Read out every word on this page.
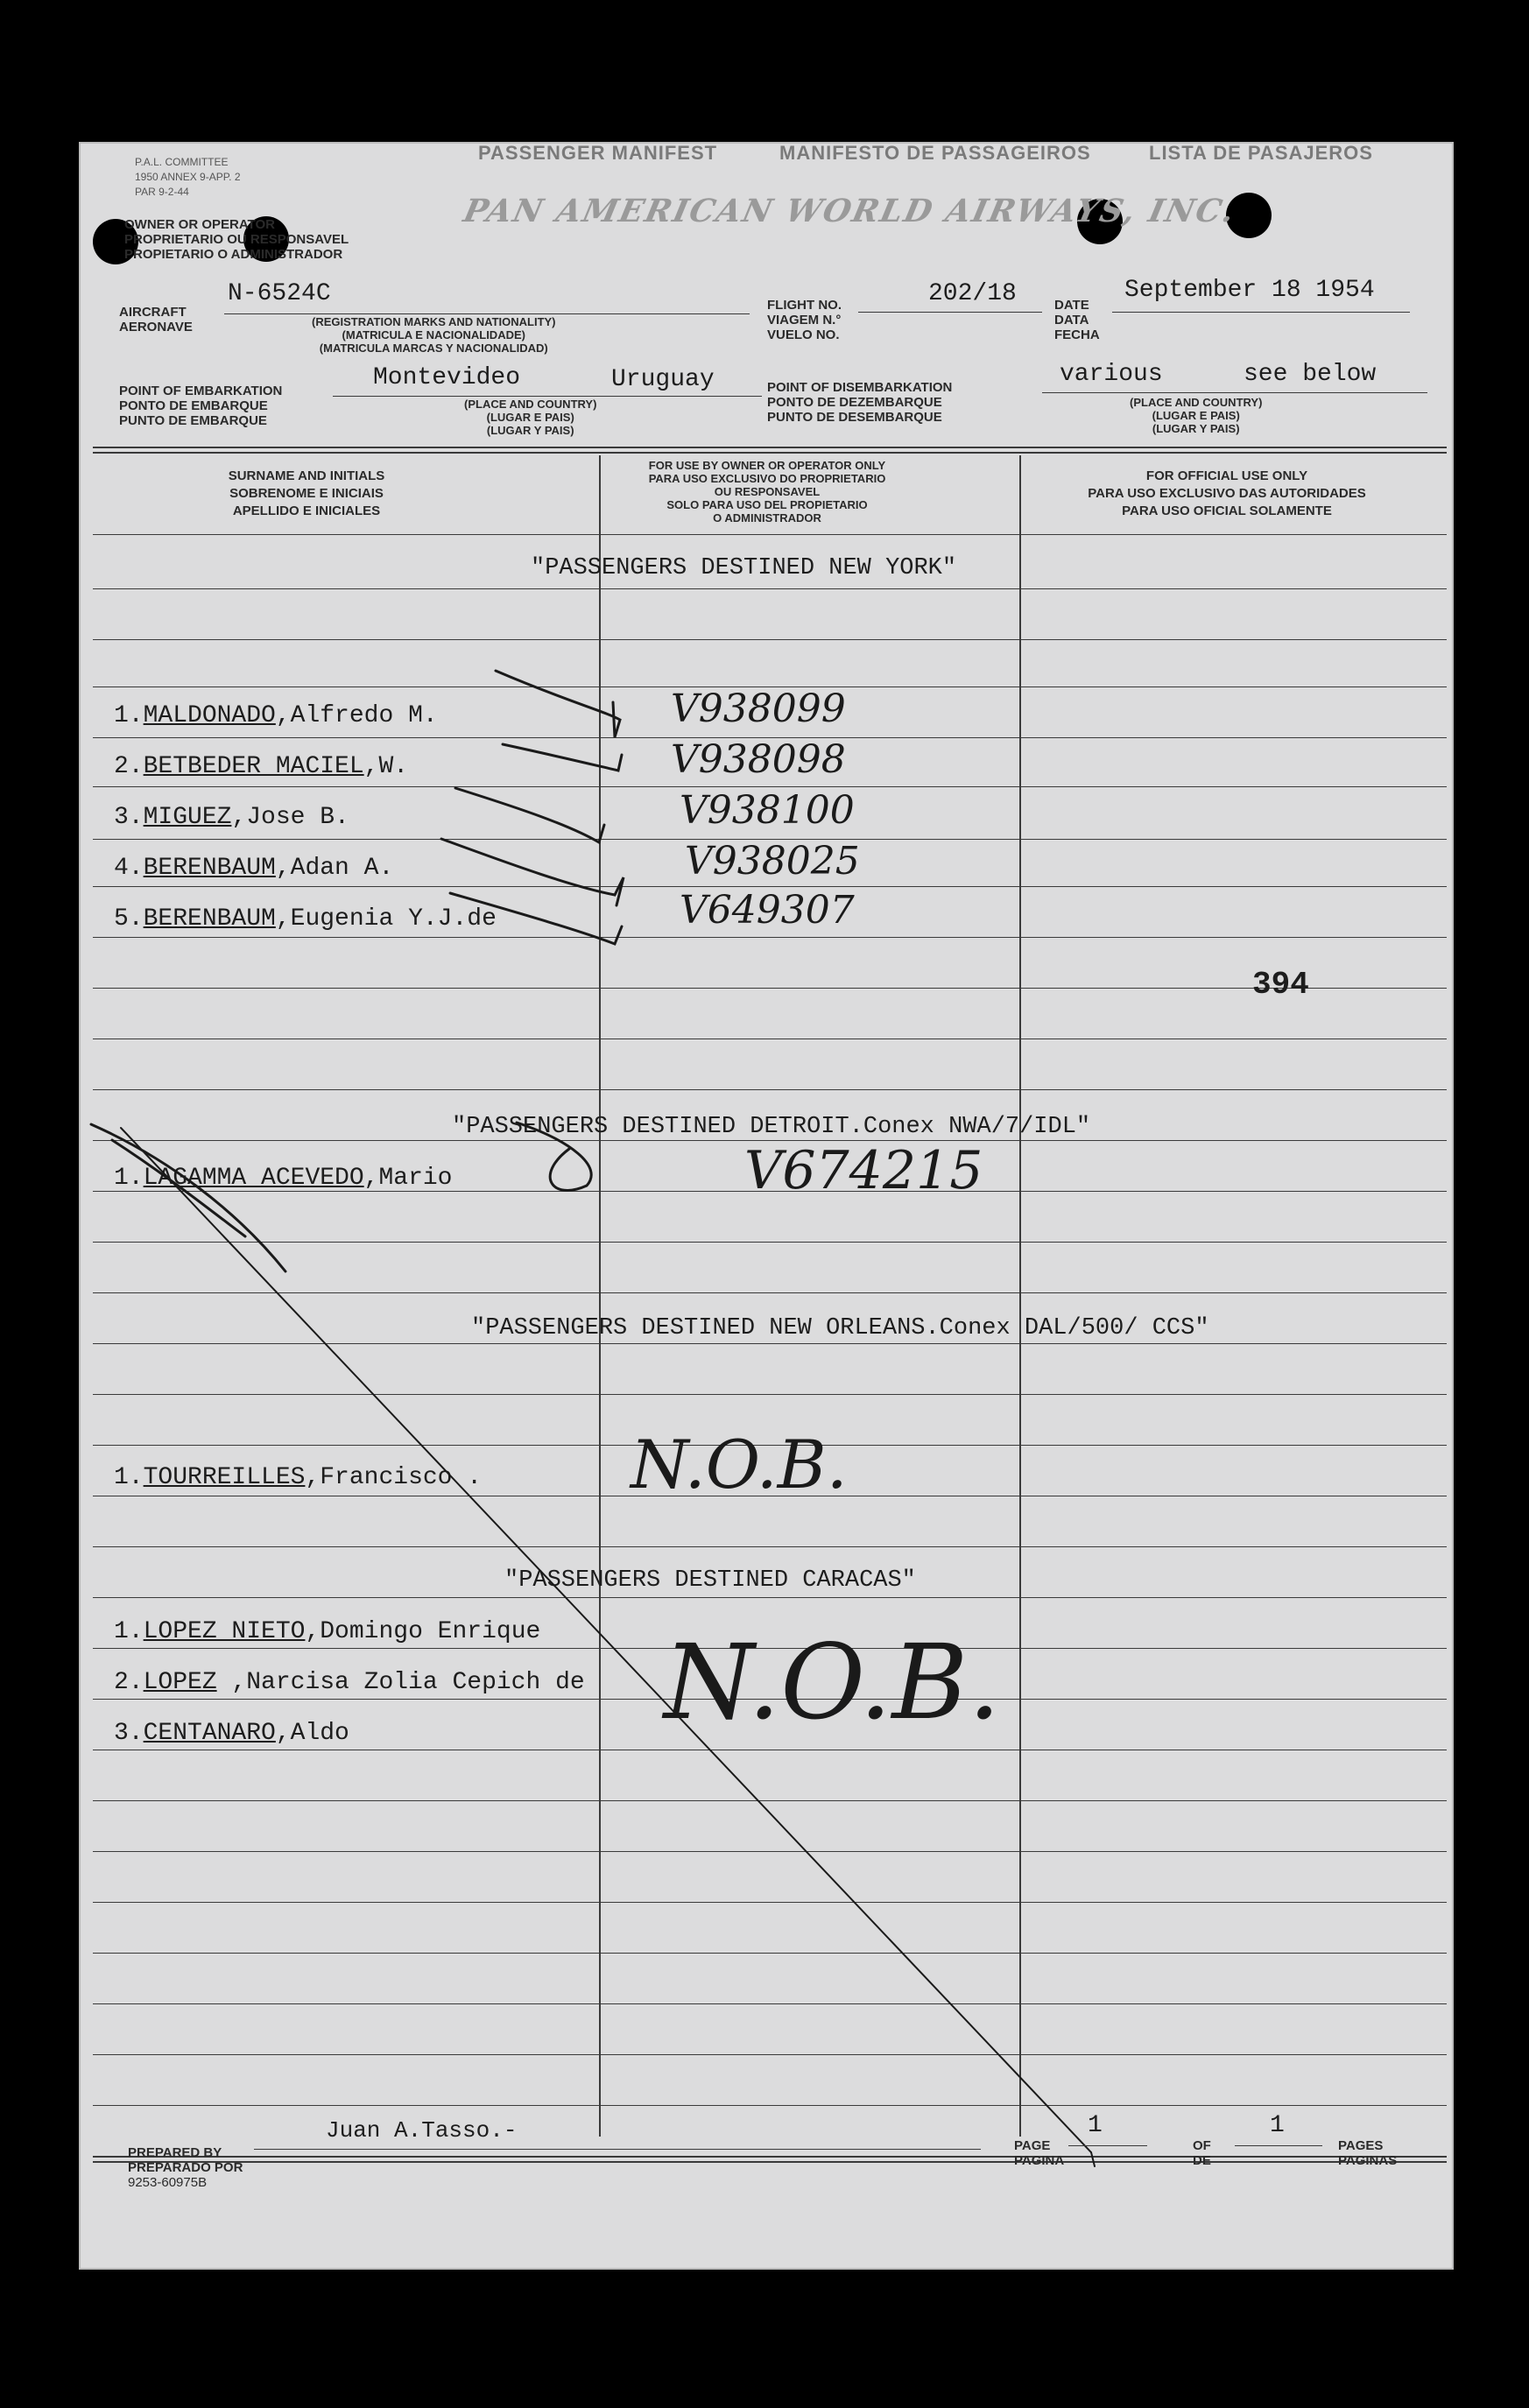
P.A.L. COMMITTEE
1950 ANNEX 9-APP. 2
PAR 9-2-44
OWNER OR OPERATOR
PROPRIETARIO OU RESPONSAVEL
PROPIETARIO O ADMINISTRADOR
PASSENGER MANIFEST	MANIFESTO DE PASSAGEIROS	LISTA DE PASAJEROS
PAN AMERICAN WORLD AIRWAYS, INC.
AIRCRAFT
AERONAVE
N-6524C
(REGISTRATION MARKS AND NATIONALITY)
(MATRICULA E NACIONALIDADE)
(MATRICULA MARCAS Y NACIONALIDAD)
FLIGHT NO.
VIAGEM N.°
VUELO NO.
202/18	DATE
DATA
FECHA
September 18 1954
POINT OF EMBARKATION
PONTO DE EMBARQUE
PUNTO DE EMBARQUE
Montevideo	Uruguay
(PLACE AND COUNTRY)
(LUGAR E PAIS)
(LUGAR Y PAIS)
POINT OF DISEMBARKATION
PONTO DE DEZEMBARQUE
PUNTO DE DESEMBARQUE
various	see below
(PLACE AND COUNTRY)
(LUGAR E PAIS)
(LUGAR Y PAIS)
SURNAME AND INITIALS
SOBRENOME E INICIAIS
APELLIDO E INICIALES
FOR USE BY OWNER OR OPERATOR ONLY
PARA USO EXCLUSIVO DO PROPRIETARIO
OU RESPONSAVEL
SOLO PARA USO DEL PROPIETARIO
O ADMINISTRADOR
FOR OFFICIAL USE ONLY
PARA USO EXCLUSIVO DAS AUTORIDADES
PARA USO OFICIAL SOLAMENTE
"PASSENGERS DESTINED NEW YORK"
1.MALDONADO,Alfredo M.	V938099
2.BETBEDER MACIEL,W.	V938098
3.MIGUEZ,Jose B.	V938100
4.BERENBAUM,Adan A.	V938025
5.BERENBAUM,Eugenia Y.J.de	V649307
394
"PASSENGERS DESTINED DETROIT.Conex NWA/7/IDL"
1.LAGAMMA ACEVEDO,Mario	V674215
"PASSENGERS DESTINED NEW ORLEANS.Conex DAL/500/ CCS"
1.TOURREILLES,Francisco . N.O.B.
"PASSENGERS DESTINED CARACAS"
1.LOPEZ NIETO,Domingo Enrique
2.LOPEZ ,Narcisa Zolia Cepich de
3.CENTANARO,Aldo	N.O.B.
PREPARED BY
PREPARADO POR
9253-60975B
Juan A.Tasso.-
PAGE
PAGINA
1
OF
DE
1
PAGES
PAGINAS
